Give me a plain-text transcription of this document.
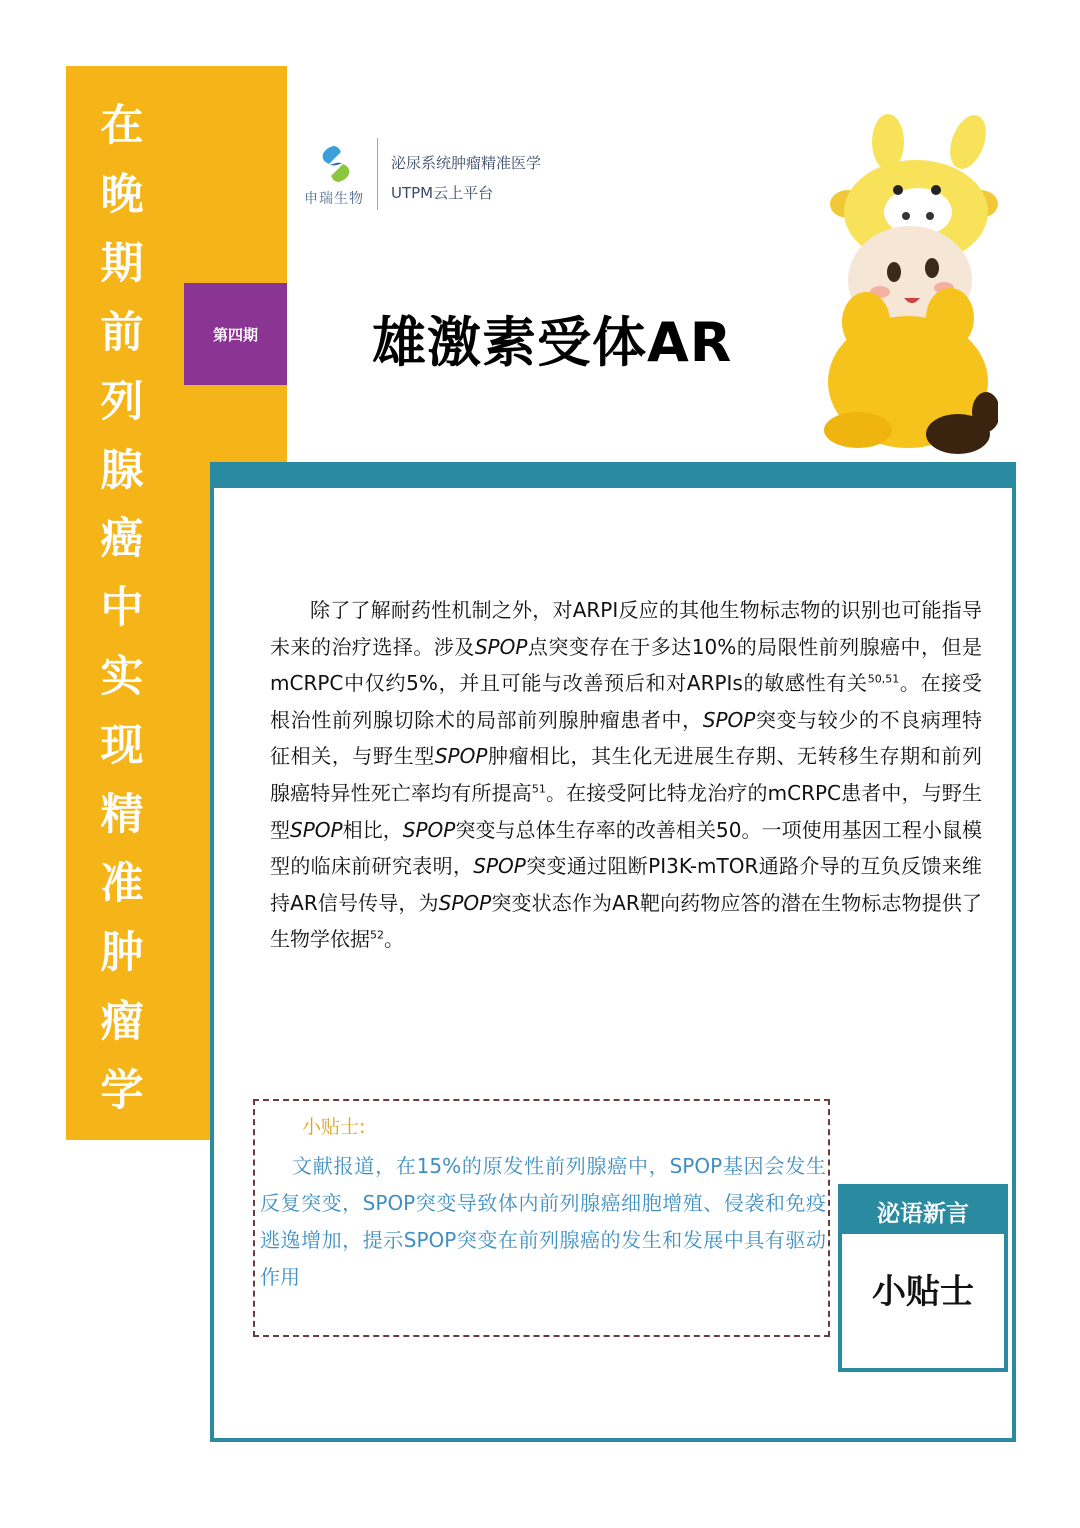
在
晚
期
前
列
腺
癌
中
实
现
精
准
肿
瘤
学
第四期
申瑞生物
泌尿系统肿瘤精准医学
UTPM云上平台
雄激素受体AR

除了了解耐药性机制之外，对ARPI反应的其他生物标志物的识别也可能指导未来的治疗选择。涉及SPOP点突变存在于多达10%的局限性前列腺癌中，但是mCRPC中仅约5%，并且可能与改善预后和对ARPIs的敏感性有关$^{50,51}$。在接受根治性前列腺切除术的局部前列腺肿瘤患者中，SPOP突变与较少的不良病理特征相关，与野生型SPOP肿瘤相比，其生化无进展生存期、无转移生存期和前列腺癌特异性死亡率均有所提高$^{51}$。在接受阿比特龙治疗的mCRPC患者中，与野生型SPOP相比，SPOP突变与总体生存率的改善相关50。一项使用基因工程小鼠模型的临床前研究表明，SPOP突变通过阻断PI3K-mTOR通路介导的互负反馈来维持AR信号传导，为SPOP突变状态作为AR靶向药物应答的潜在生物标志物提供了生物学依据$^{52}$。

小贴士:

文献报道，在15%的原发性前列腺癌中，SPOP基因会发生反复突变，SPOP突变导致体内前列腺癌细胞增殖、侵袭和免疫逃逸增加，提示SPOP突变在前列腺癌的发生和发展中具有驱动作用

泌语新言
小贴士
